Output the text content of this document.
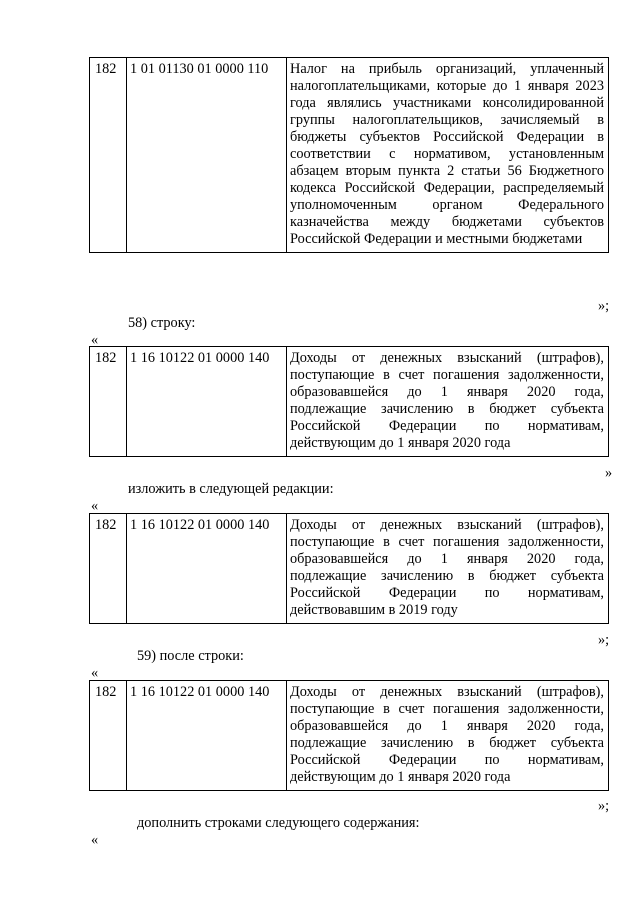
182	1 01 01130 01 0000 110	Налог на прибыль организаций, уплаченный налогоплательщиками, которые до 1 января 2023 года являлись участниками консолидированной группы налогоплательщиков, зачисляемый в бюджеты субъектов Российской Федерации в соответствии с нормативом, установленным абзацем вторым пункта 2 статьи 56 Бюджетного кодекса Российской Федерации, распределяемый уполномоченным органом Федерального казначейства между бюджетами субъектов Российской Федерации и местными бюджетами
»;
58) строку:
«
182	1 16 10122 01 0000 140	Доходы от денежных взысканий (штрафов), поступающие в счет погашения задолженности, образовавшейся до 1 января 2020 года, подлежащие зачислению в бюджет субъекта Российской Федерации по нормативам, действующим до 1 января 2020 года
»
изложить в следующей редакции:
«
182	1 16 10122 01 0000 140	Доходы от денежных взысканий (штрафов), поступающие в счет погашения задолженности, образовавшейся до 1 января 2020 года, подлежащие зачислению в бюджет субъекта Российской Федерации по нормативам, действовавшим в 2019 году
»;
59) после строки:
«
182	1 16 10122 01 0000 140	Доходы от денежных взысканий (штрафов), поступающие в счет погашения задолженности, образовавшейся до 1 января 2020 года, подлежащие зачислению в бюджет субъекта Российской Федерации по нормативам, действующим до 1 января 2020 года
»;
дополнить строками следующего содержания:
«
